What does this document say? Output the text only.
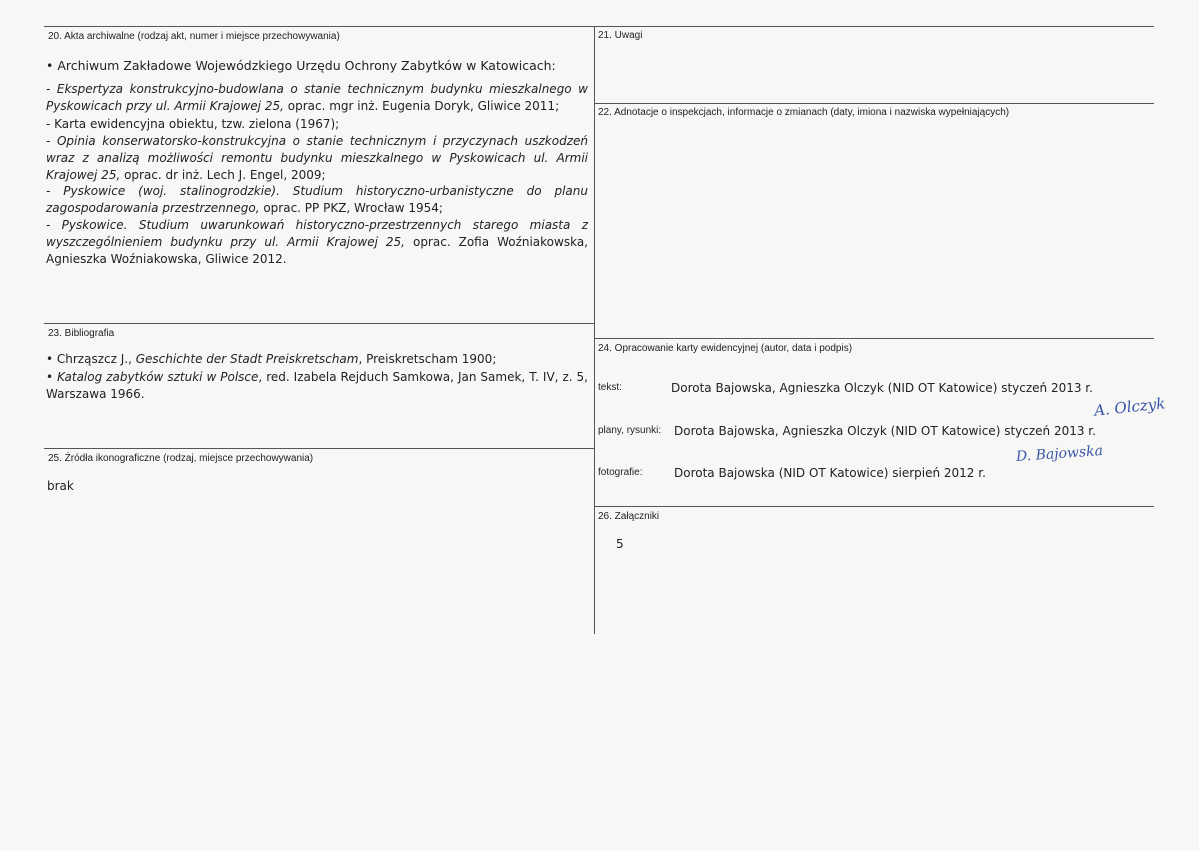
20. Akta archiwalne (rodzaj akt, numer i miejsce przechowywania)
• Archiwum Zakładowe Wojewódzkiego Urzędu Ochrony Zabytków w Katowicach:
- Ekspertyza konstrukcyjno-budowlana o stanie technicznym budynku mieszkalnego w Pyskowicach przy ul. Armii Krajowej 25, oprac. mgr inż. Eugenia Doryk, Gliwice 2011;
- Karta ewidencyjna obiektu, tzw. zielona (1967);
- Opinia konserwatorsko-konstrukcyjna o stanie technicznym i przyczynach uszkodzeń wraz z analizą możliwości remontu budynku mieszkalnego w Pyskowicach ul. Armii Krajowej 25, oprac. dr inż. Lech J. Engel, 2009;
- Pyskowice (woj. stalinogrodzkie). Studium historyczno-urbanistyczne do planu zagospodarowania przestrzennego, oprac. PP PKZ, Wrocław 1954;
- Pyskowice. Studium uwarunkowań historyczno-przestrzennych starego miasta z wyszczególnieniem budynku przy ul. Armii Krajowej 25, oprac. Zofia Woźniakowska, Agnieszka Woźniakowska, Gliwice 2012.
21. Uwagi
22. Adnotacje o inspekcjach, informacje o zmianach (daty, imiona i nazwiska wypełniających)
23. Bibliografia
• Chrząszcz J., Geschichte der Stadt Preiskretscham, Preiskretscham 1900;
• Katalog zabytków sztuki w Polsce, red. Izabela Rejduch Samkowa, Jan Samek, T. IV, z. 5, Warszawa 1966.
24. Opracowanie karty ewidencyjnej (autor, data i podpis)
tekst:	Dorota Bajowska, Agnieszka Olczyk (NID OT Katowice) styczeń 2013 r.
plany, rysunki: Dorota Bajowska, Agnieszka Olczyk (NID OT Katowice) styczeń 2013 r.
fotografie:	Dorota Bajowska (NID OT Katowice) sierpień 2012 r.
A. Olczyk
D. Bajowska
25. Źródła ikonograficzne (rodzaj, miejsce przechowywania)
brak
26. Załączniki
5
